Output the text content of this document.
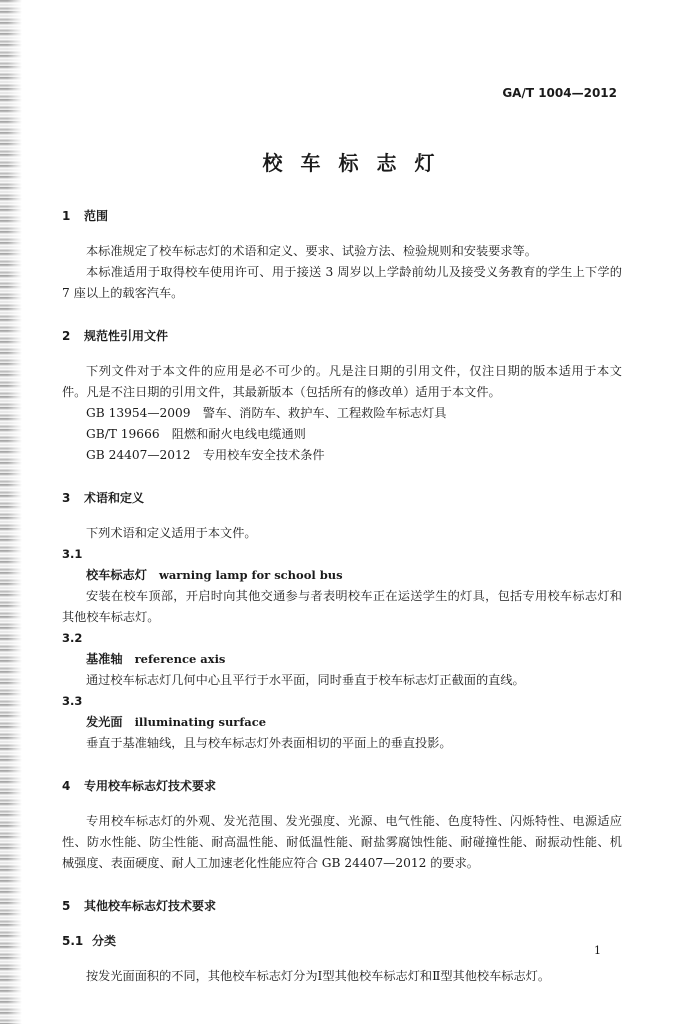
GA/T 1004—2012
校车标志灯
1 范围

本标准规定了校车标志灯的术语和定义、要求、试验方法、检验规则和安装要求等。

本标准适用于取得校车使用许可、用于接送 3 周岁以上学龄前幼儿及接受义务教育的学生上下学的 7 座以上的载客汽车。

2 规范性引用文件

下列文件对于本文件的应用是必不可少的。凡是注日期的引用文件，仅注日期的版本适用于本文件。凡是不注日期的引用文件，其最新版本（包括所有的修改单）适用于本文件。

GB 13954—2009　警车、消防车、救护车、工程救险车标志灯具

GB/T 19666　阻燃和耐火电线电缆通则

GB 24407—2012　专用校车安全技术条件

3 术语和定义

下列术语和定义适用于本文件。

3.1

校车标志灯 warning lamp for school bus

安装在校车顶部，开启时向其他交通参与者表明校车正在运送学生的灯具，包括专用校车标志灯和其他校车标志灯。

3.2

基准轴 reference axis

通过校车标志灯几何中心且平行于水平面，同时垂直于校车标志灯正截面的直线。

3.3

发光面 illuminating surface

垂直于基准轴线，且与校车标志灯外表面相切的平面上的垂直投影。

4 专用校车标志灯技术要求

专用校车标志灯的外观、发光范围、发光强度、光源、电气性能、色度特性、闪烁特性、电源适应性、防水性能、防尘性能、耐高温性能、耐低温性能、耐盐雾腐蚀性能、耐碰撞性能、耐振动性能、机械强度、表面硬度、耐人工加速老化性能应符合 GB 24407—2012 的要求。

5 其他校车标志灯技术要求
5.1 分类

按发光面面积的不同，其他校车标志灯分为Ⅰ型其他校车标志灯和Ⅱ型其他校车标志灯。

1
